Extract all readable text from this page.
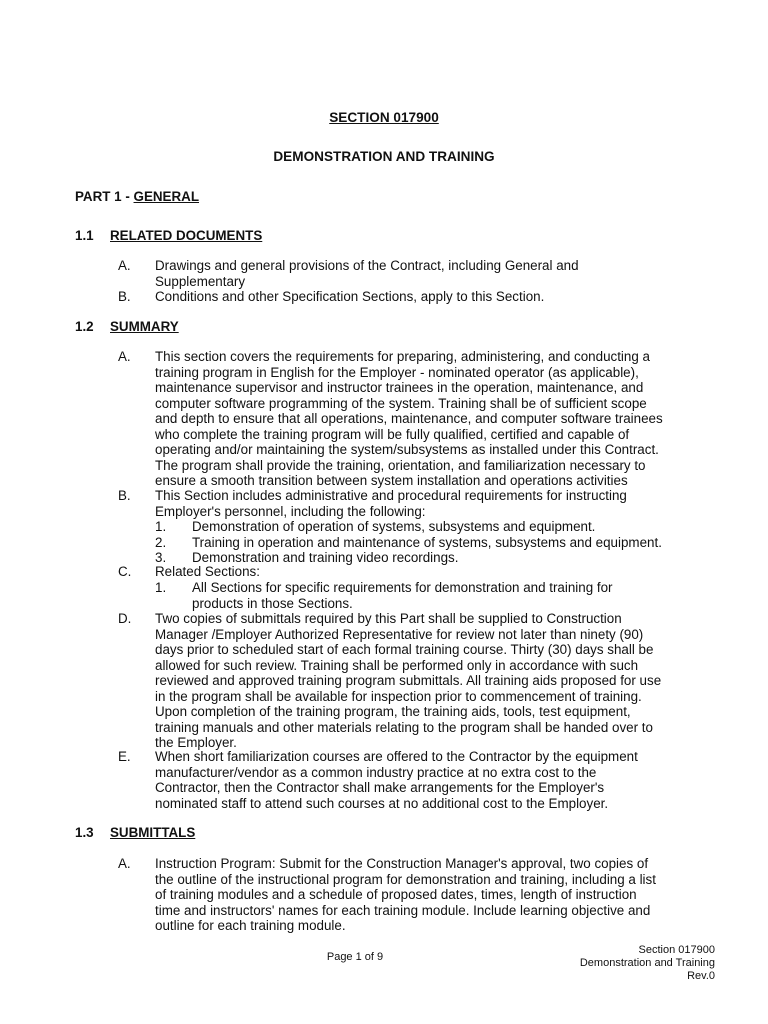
SECTION 017900
DEMONSTRATION AND TRAINING
PART 1 - GENERAL
1.1 RELATED DOCUMENTS
A. Drawings and general provisions of the Contract, including General and
Supplementary
B. Conditions and other Specification Sections, apply to this Section.
1.2 SUMMARY
A. This section covers the requirements for preparing, administering, and conducting a
training program in English for the Employer - nominated operator (as applicable),
maintenance supervisor and instructor trainees in the operation, maintenance, and
computer software programming of the system. Training shall be of sufficient scope
and depth to ensure that all operations, maintenance, and computer software trainees
who complete the training program will be fully qualified, certified and capable of
operating and/or maintaining the system/subsystems as installed under this Contract.
The program shall provide the training, orientation, and familiarization necessary to
ensure a smooth transition between system installation and operations activities
B. This Section includes administrative and procedural requirements for instructing
Employer's personnel, including the following:
1.
2.
3.
Demonstration of operation of systems, subsystems and equipment.
Training in operation and maintenance of systems, subsystems and equipment.
Demonstration and training video recordings.
C. Related Sections:
1. All Sections for specific requirements for demonstration and training for
products in those Sections.
D. Two copies of submittals required by this Part shall be supplied to Construction
Manager /Employer Authorized Representative for review not later than ninety (90)
days prior to scheduled start of each formal training course. Thirty (30) days shall be
allowed for such review. Training shall be performed only in accordance with such
reviewed and approved training program submittals. All training aids proposed for use
in the program shall be available for inspection prior to commencement of training.
Upon completion of the training program, the training aids, tools, test equipment,
training manuals and other materials relating to the program shall be handed over to
the Employer.
E. When short familiarization courses are offered to the Contractor by the equipment
manufacturer/vendor as a common industry practice at no extra cost to the
Contractor, then the Contractor shall make arrangements for the Employer's
nominated staff to attend such courses at no additional cost to the Employer.
1.3 SUBMITTALS
A. Instruction Program: Submit for the Construction Manager's approval, two copies of
the outline of the instructional program for demonstration and training, including a list
of training modules and a schedule of proposed dates, times, length of instruction
time and instructors' names for each training module. Include learning objective and
outline for each training module.
Page 1 of 9
Section 017900
Demonstration and Training
Rev.0
